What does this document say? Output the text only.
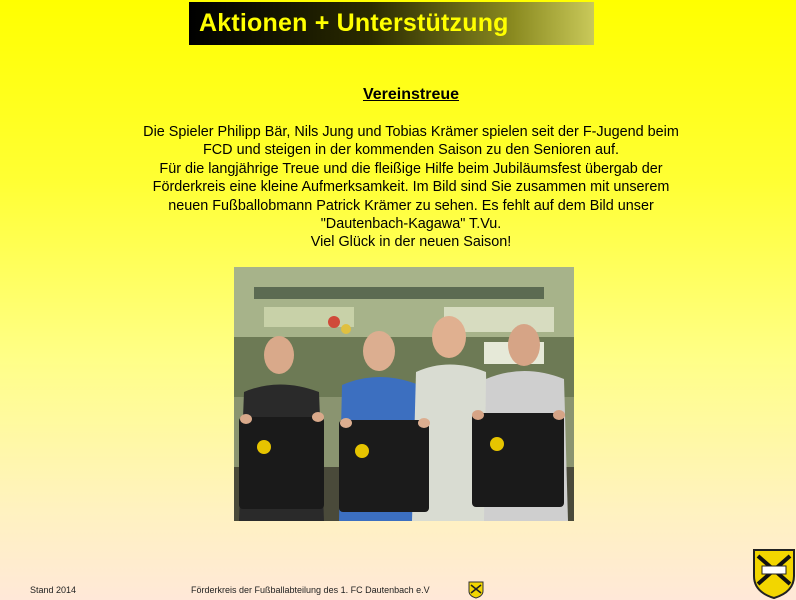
Aktionen + Unterstützung
Vereinstreue
Die Spieler Philipp Bär, Nils Jung und Tobias Krämer spielen seit der F-Jugend beim
FCD und steigen in der kommenden Saison zu den Senioren auf.
Für die langjährige Treue und die fleißige Hilfe beim Jubiläumsfest übergab der
Förderkreis eine kleine Aufmerksamkeit. Im Bild sind Sie zusammen mit unserem
neuen Fußballobmann Patrick Krämer zu sehen. Es fehlt auf dem Bild unser
"Dautenbach-Kagawa" T.Vu.
Viel Glück in der neuen Saison!
Stand 2014	Förderkreis der Fußballabteilung des 1. FC Dautenbach e.V
